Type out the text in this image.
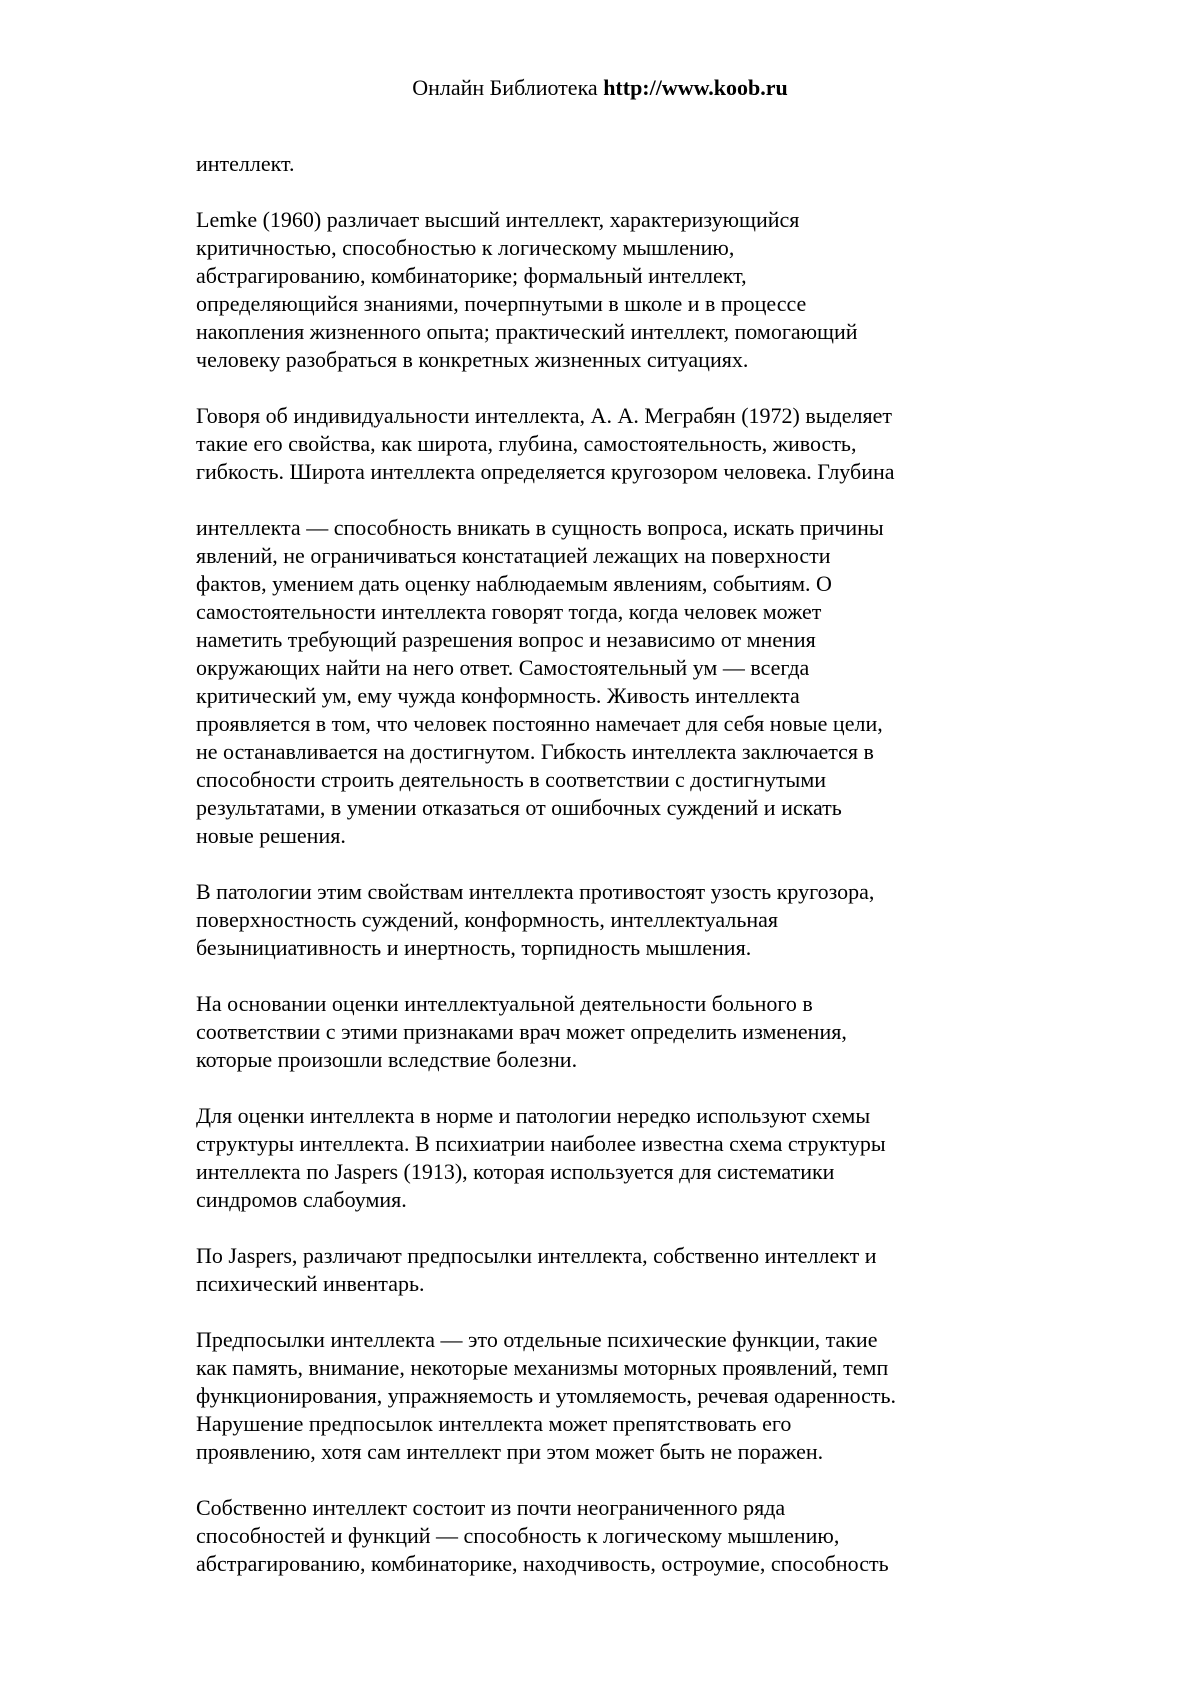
Онлайн Библиотека http://www.koob.ru

интеллект.

Lemke (1960) различает высший интеллект, характеризующийся
критичностью, способностью к логическому мышлению,
абстрагированию, комбинаторике; формальный интеллект,
определяющийся знаниями, почерпнутыми в школе и в процессе
накопления жизненного опыта; практический интеллект, помогающий
человеку разобраться в конкретных жизненных ситуациях.

Говоря об индивидуальности интеллекта, А. А. Меграбян (1972) выделяет
такие его свойства, как широта, глубина, самостоятельность, живость,
гибкость. Широта интеллекта определяется кругозором человека. Глубина

интеллекта — способность вникать в сущность вопроса, искать причины
явлений, не ограничиваться констатацией лежащих на поверхности
фактов, умением дать оценку наблюдаемым явлениям, событиям. О
самостоятельности интеллекта говорят тогда, когда человек может
наметить требующий разрешения вопрос и независимо от мнения
окружающих найти на него ответ. Самостоятельный ум — всегда
критический ум, ему чужда конформность. Живость интеллекта
проявляется в том, что человек постоянно намечает для себя новые цели,
не останавливается на достигнутом. Гибкость интеллекта заключается в
способности строить деятельность в соответствии с достигнутыми
результатами, в умении отказаться от ошибочных суждений и искать
новые решения.

В патологии этим свойствам интеллекта противостоят узость кругозора,
поверхностность суждений, конформность, интеллектуальная
безынициативность и инертность, торпидность мышления.

На основании оценки интеллектуальной деятельности больного в
соответствии с этими признаками врач может определить изменения,
которые произошли вследствие болезни.

Для оценки интеллекта в норме и патологии нередко используют схемы
структуры интеллекта. В психиатрии наиболее известна схема структуры
интеллекта по Jaspers (1913), которая используется для систематики
синдромов слабоумия.

По Jaspers, различают предпосылки интеллекта, собственно интеллект и
психический инвентарь.

Предпосылки интеллекта — это отдельные психические функции, такие
как память, внимание, некоторые механизмы моторных проявлений, темп
функционирования, упражняемость и утомляемость, речевая одаренность.
Нарушение предпосылок интеллекта может препятствовать его
проявлению, хотя сам интеллект при этом может быть не поражен.

Собственно интеллект состоит из почти неограниченного ряда
способностей и функций — способность к логическому мышлению,
абстрагированию, комбинаторике, находчивость, остроумие, способность
